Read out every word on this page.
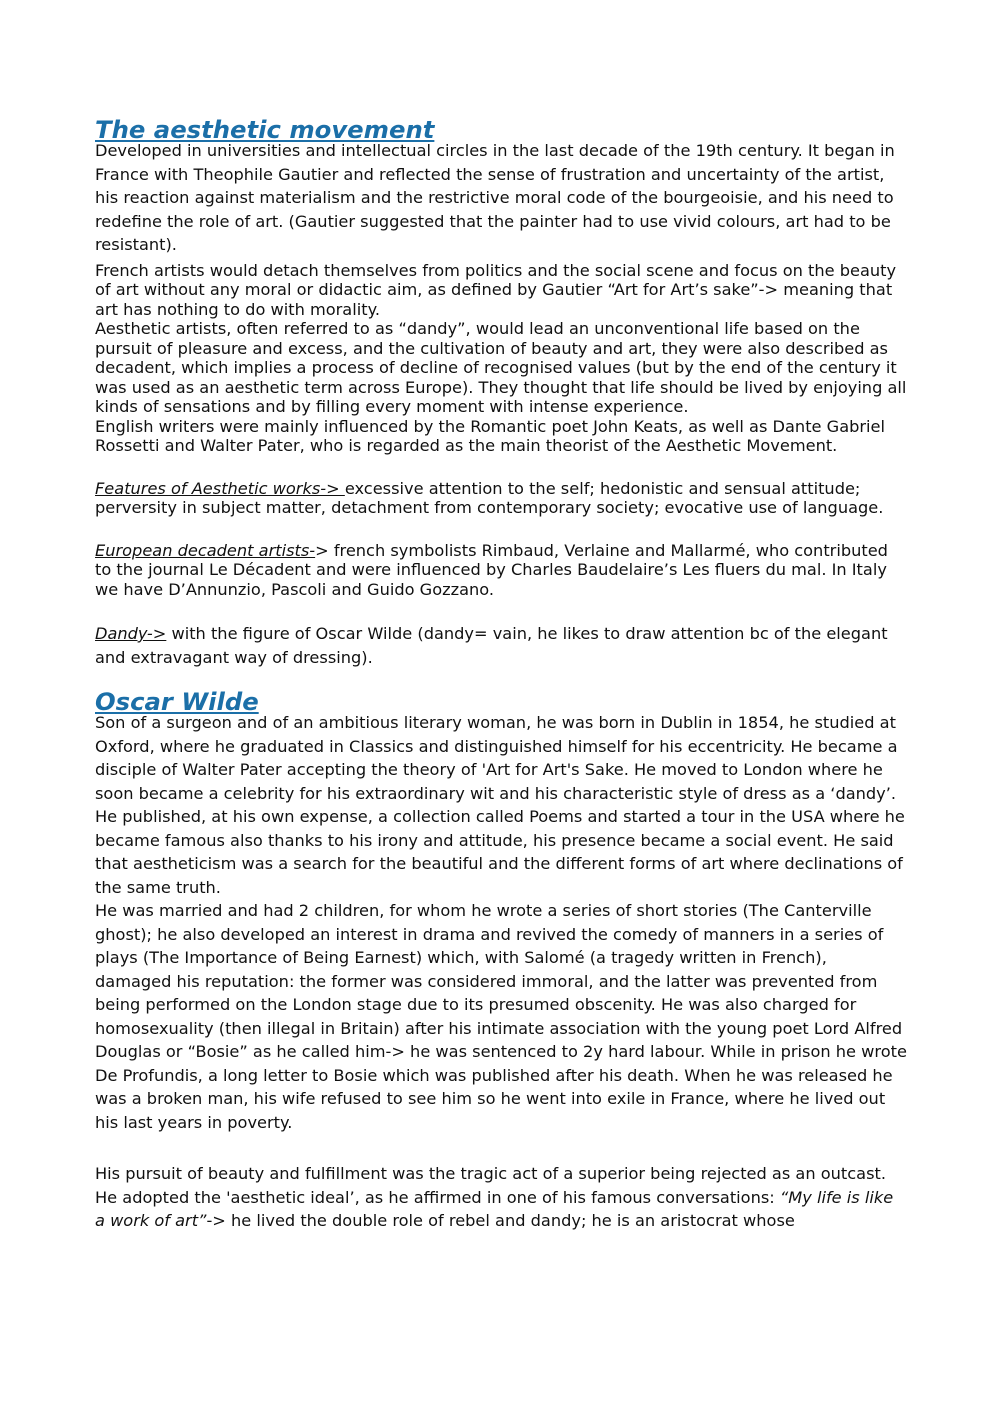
The aesthetic movement

Developed in universities and intellectual circles in the last decade of the 19th century. It began in France with Theophile Gautier and reflected the sense of frustration and uncertainty of the artist, his reaction against materialism and the restrictive moral code of the bourgeoisie, and his need to redefine the role of art. (Gautier suggested that the painter had to use vivid colours, art had to be resistant).

French artists would detach themselves from politics and the social scene and focus on the beauty of art without any moral or didactic aim, as defined by Gautier “Art for Art’s sake”-> meaning that art has nothing to do with morality.

Aesthetic artists, often referred to as “dandy”, would lead an unconventional life based on the pursuit of pleasure and excess, and the cultivation of beauty and art, they were also described as decadent, which implies a process of decline of recognised values (but by the end of the century it was used as an aesthetic term across Europe). They thought that life should be lived by enjoying all kinds of sensations and by filling every moment with intense experience.

English writers were mainly influenced by the Romantic poet John Keats, as well as Dante Gabriel Rossetti and Walter Pater, who is regarded as the main theorist of the Aesthetic Movement.

Features of Aesthetic works-> excessive attention to the self; hedonistic and sensual attitude; perversity in subject matter, detachment from contemporary society; evocative use of language.

European decadent artists-> french symbolists Rimbaud, Verlaine and Mallarmé, who contributed to the journal Le Décadent and were influenced by Charles Baudelaire’s Les fluers du mal. In Italy we have D’Annunzio, Pascoli and Guido Gozzano.

Dandy-> with the figure of Oscar Wilde (dandy= vain, he likes to draw attention bc of the elegant and extravagant way of dressing).

Oscar Wilde

Son of a surgeon and of an ambitious literary woman, he was born in Dublin in 1854, he studied at Oxford, where he graduated in Classics and distinguished himself for his eccentricity. He became a disciple of Walter Pater accepting the theory of 'Art for Art's Sake. He moved to London where he soon became a celebrity for his extraordinary wit and his characteristic style of dress as a ‘dandy’.

He published, at his own expense, a collection called Poems and started a tour in the USA where he became famous also thanks to his irony and attitude, his presence became a social event. He said that aestheticism was a search for the beautiful and the different forms of art where declinations of the same truth.

He was married and had 2 children, for whom he wrote a series of short stories (The Canterville ghost); he also developed an interest in drama and revived the comedy of manners in a series of plays (The Importance of Being Earnest) which, with Salomé (a tragedy written in French), damaged his reputation: the former was considered immoral, and the latter was prevented from being performed on the London stage due to its presumed obscenity. He was also charged for homosexuality (then illegal in Britain) after his intimate association with the young poet Lord Alfred Douglas or “Bosie” as he called him-> he was sentenced to 2y hard labour. While in prison he wrote De Profundis, a long letter to Bosie which was published after his death. When he was released he was a broken man, his wife refused to see him so he went into exile in France, where he lived out his last years in poverty.

His pursuit of beauty and fulfillment was the tragic act of a superior being rejected as an outcast.

He adopted the 'aesthetic ideal’, as he affirmed in one of his famous conversations: “My life is like a work of art”-> he lived the double role of rebel and dandy; he is an aristocrat whose
